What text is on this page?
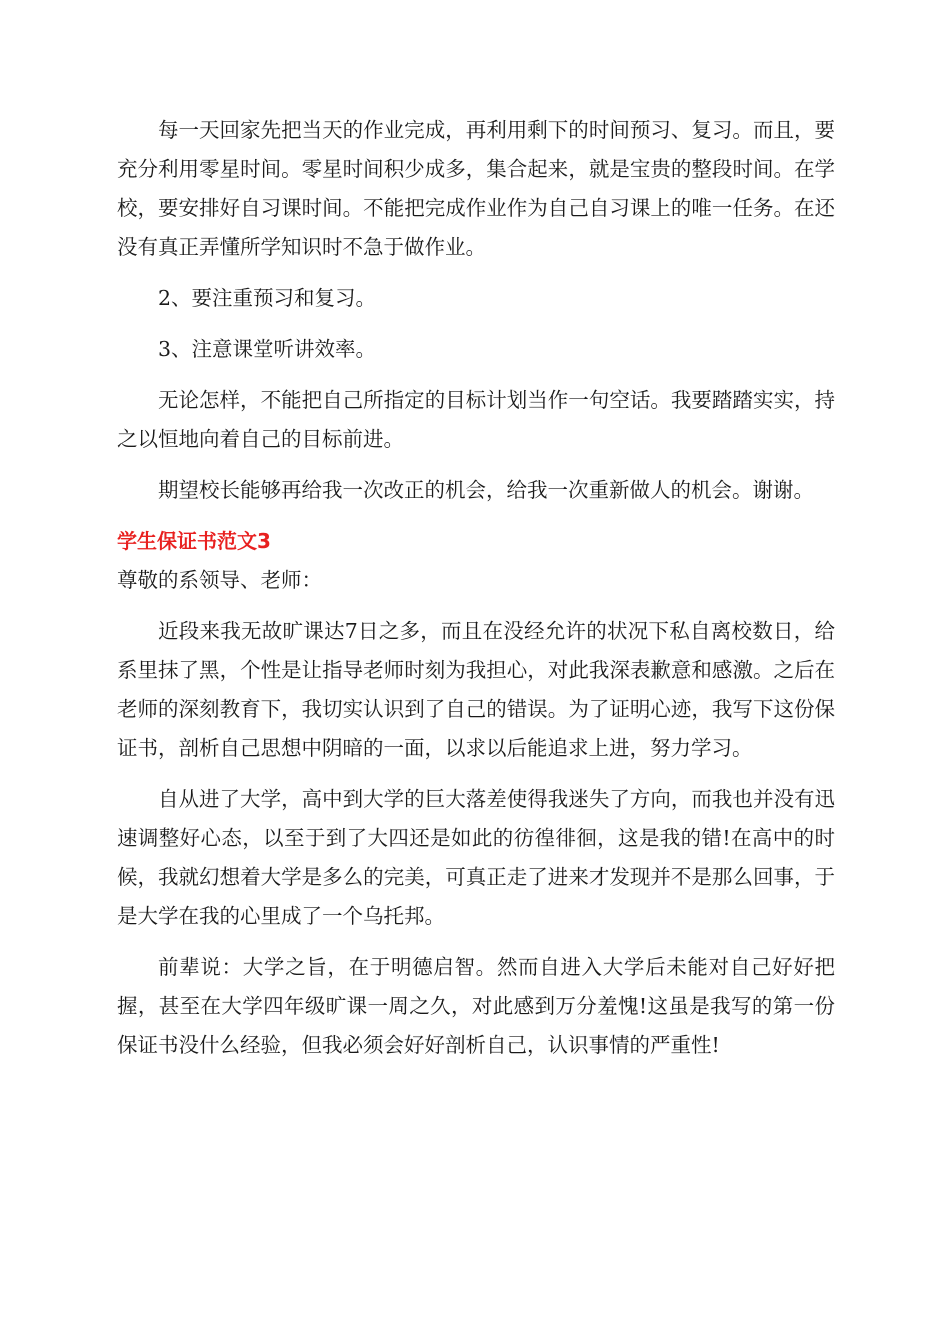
每一天回家先把当天的作业完成，再利用剩下的时间预习、复习。而且，要充分利用零星时间。零星时间积少成多，集合起来，就是宝贵的整段时间。在学校，要安排好自习课时间。不能把完成作业作为自己自习课上的唯一任务。在还没有真正弄懂所学知识时不急于做作业。

2、要注重预习和复习。

3、注意课堂听讲效率。

无论怎样，不能把自己所指定的目标计划当作一句空话。我要踏踏实实，持之以恒地向着自己的目标前进。

期望校长能够再给我一次改正的机会，给我一次重新做人的机会。谢谢。

学生保证书范文3

尊敬的系领导、老师：

近段来我无故旷课达7日之多，而且在没经允许的状况下私自离校数日，给系里抹了黑，个性是让指导老师时刻为我担心，对此我深表歉意和感激。之后在老师的深刻教育下，我切实认识到了自己的错误。为了证明心迹，我写下这份保证书，剖析自己思想中阴暗的一面，以求以后能追求上进，努力学习。

自从进了大学，高中到大学的巨大落差使得我迷失了方向，而我也并没有迅速调整好心态，以至于到了大四还是如此的彷徨徘徊，这是我的错!在高中的时候，我就幻想着大学是多么的完美，可真正走了进来才发现并不是那么回事，于是大学在我的心里成了一个乌托邦。

前辈说：大学之旨，在于明德启智。然而自进入大学后未能对自己好好把握，甚至在大学四年级旷课一周之久，对此感到万分羞愧!这虽是我写的第一份保证书没什么经验，但我必须会好好剖析自己，认识事情的严重性!
